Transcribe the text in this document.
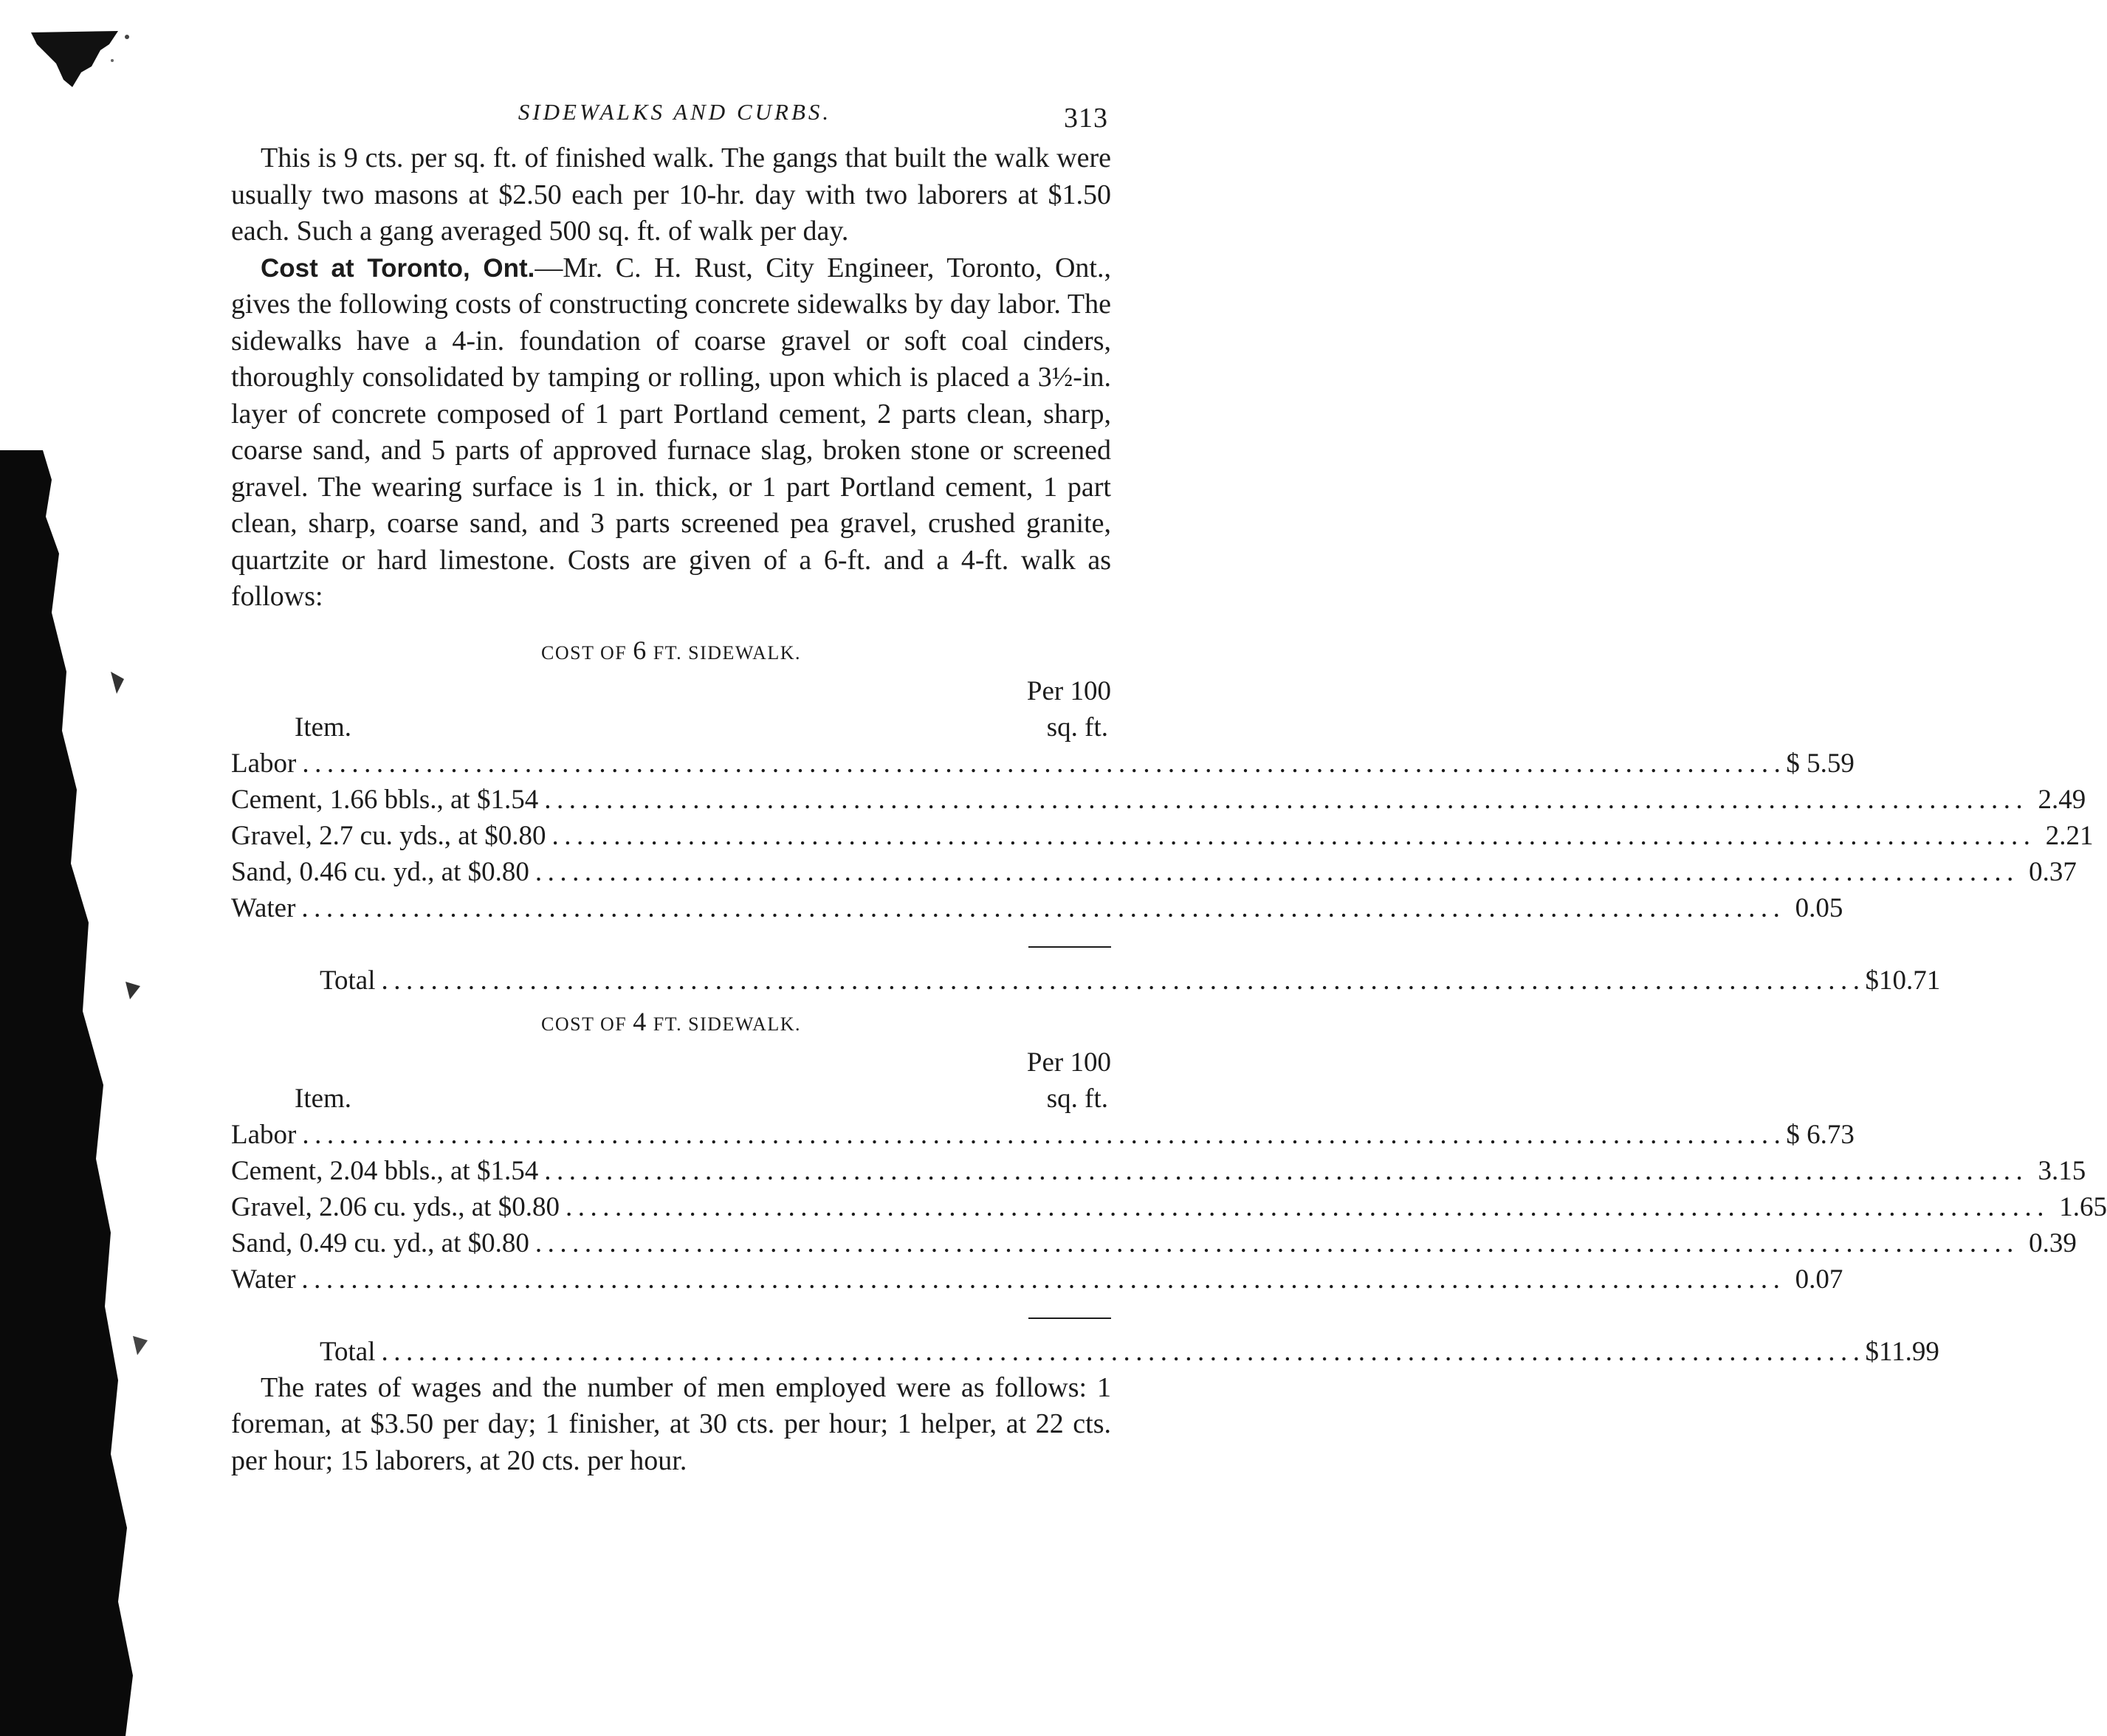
SIDEWALKS AND CURBS.	313

This is 9 cts. per sq. ft. of finished walk. The gangs that built the walk were usually two masons at $2.50 each per 10-hr. day with two laborers at $1.50 each. Such a gang averaged 500 sq. ft. of walk per day.

Cost at Toronto, Ont.—Mr. C. H. Rust, City Engineer, Toronto, Ont., gives the following costs of constructing concrete sidewalks by day labor. The sidewalks have a 4-in. foundation of coarse gravel or soft coal cinders, thoroughly consolidated by tamping or rolling, upon which is placed a 3½-in. layer of concrete composed of 1 part Portland cement, 2 parts clean, sharp, coarse sand, and 5 parts of approved furnace slag, broken stone or screened gravel. The wearing surface is 1 in. thick, or 1 part Portland cement, 1 part clean, sharp, coarse sand, and 3 parts screened pea gravel, crushed granite, quartzite or hard limestone. Costs are given of a 6-ft. and a 4-ft. walk as follows:

COST OF 6 FT. SIDEWALK.
Per 100
Item.	sq. ft.
Labor ........................................................................................................................ $ 5.59
Cement, 1.66 bbls., at $1.54 ........................................................................................................................ 2.49
Gravel, 2.7 cu. yds., at $0.80 ........................................................................................................................ 2.21
Sand, 0.46 cu. yd., at $0.80 ........................................................................................................................ 0.37
Water ........................................................................................................................ 0.05
Total ........................................................................................................................ $10.71
COST OF 4 FT. SIDEWALK.
Per 100
Item.	sq. ft.
Labor ........................................................................................................................ $ 6.73
Cement, 2.04 bbls., at $1.54 ........................................................................................................................ 3.15
Gravel, 2.06 cu. yds., at $0.80 ........................................................................................................................ 1.65
Sand, 0.49 cu. yd., at $0.80 ........................................................................................................................ 0.39
Water ........................................................................................................................ 0.07
Total ........................................................................................................................ $11.99

The rates of wages and the number of men employed were as follows: 1 foreman, at $3.50 per day; 1 finisher, at 30 cts. per hour; 1 helper, at 22 cts. per hour; 15 laborers, at 20 cts. per hour.
